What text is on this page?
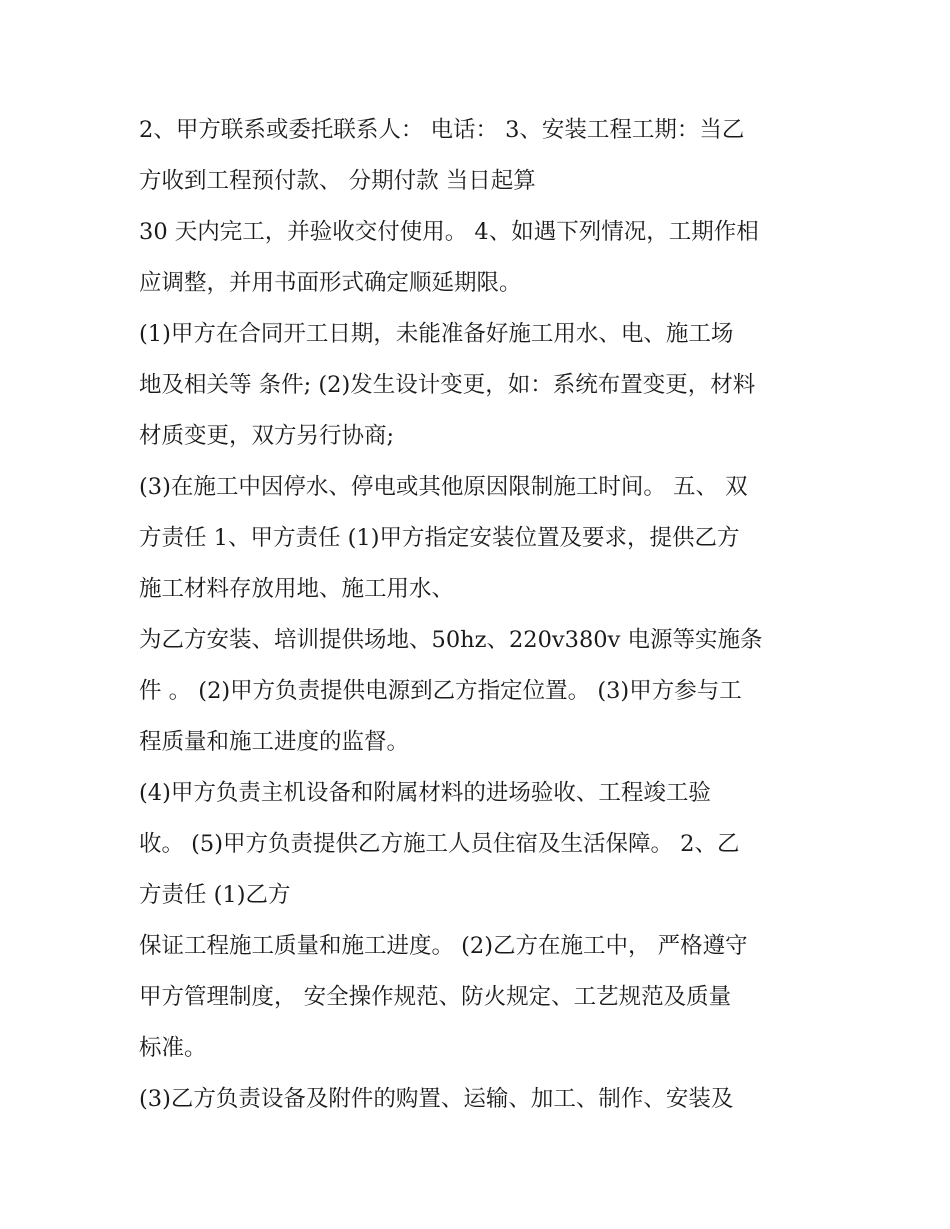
2、甲方联系或委托联系人： 电话： 3、安装工程工期：当乙
方收到工程预付款、 分期付款 当日起算
30 天内完工，并验收交付使用。 4、如遇下列情况，工期作相
应调整，并用书面形式确定顺延期限。
(1)甲方在合同开工日期，未能准备好施工用水、电、施工场
地及相关等 条件; (2)发生设计变更，如：系统布置变更，材料
材质变更，双方另行协商;
(3)在施工中因停水、停电或其他原因限制施工时间。 五、 双
方责任 1、甲方责任 (1)甲方指定安装位置及要求，提供乙方
施工材料存放用地、施工用水、
为乙方安装、培训提供场地、50hz、220v380v 电源等实施条
件 。 (2)甲方负责提供电源到乙方指定位置。 (3)甲方参与工
程质量和施工进度的监督。
(4)甲方负责主机设备和附属材料的进场验收、工程竣工验
收。 (5)甲方负责提供乙方施工人员住宿及生活保障。 2、乙
方责任 (1)乙方
保证工程施工质量和施工进度。 (2)乙方在施工中， 严格遵守
甲方管理制度， 安全操作规范、防火规定、工艺规范及质量
标准。
(3)乙方负责设备及附件的购置、运输、加工、制作、安装及
